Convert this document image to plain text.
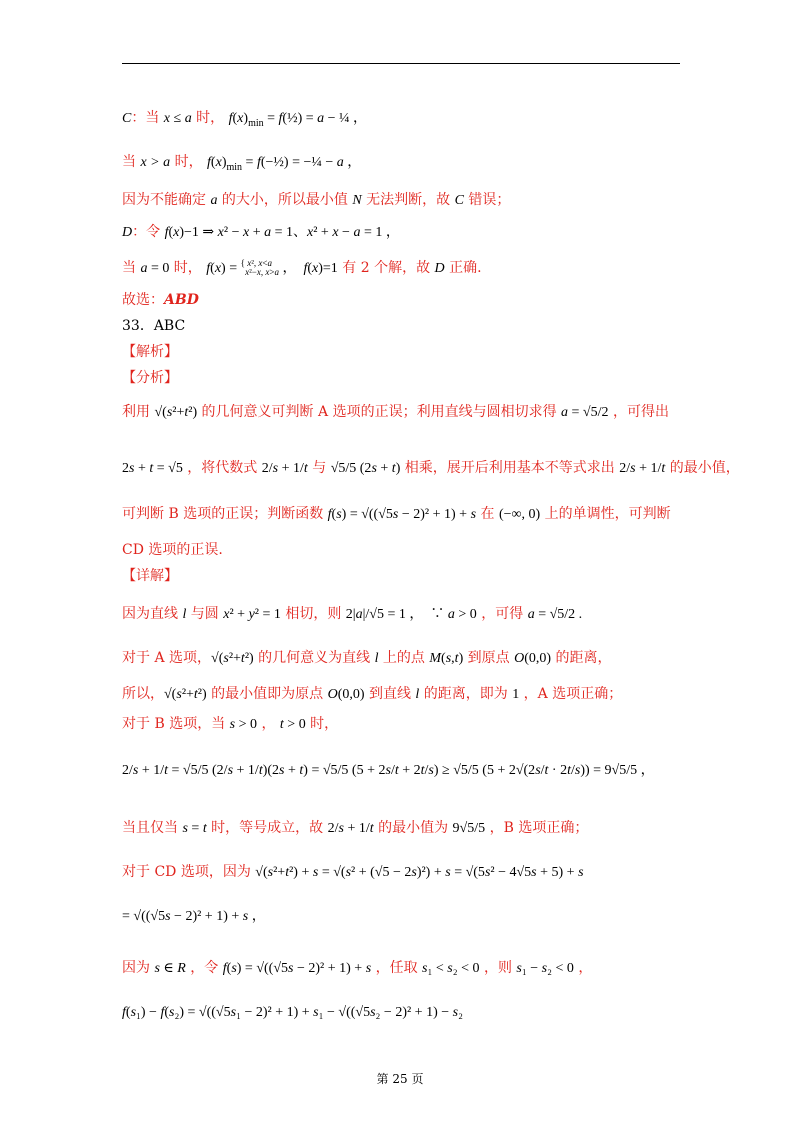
C：当 x ≤ a 时， $f(x)_{min}$ = f(½) = a − ¼ ，
当 x > a 时， $f(x)_{min}$ = f(−½) = −¼ − a ，
因为不能确定 a 的大小，所以最小值 N 无法判断，故 C 错误；
D：令 f(x)−1 ⇒ x² − x + a = 1、x² + x − a = 1 ，
当 a = 0 时， f(x) = { x², x<a
x²−x, x>a ，  f(x)=1 有 2 个解，故 D 正确.
故选：ABD
33．ABC
【解析】
【分析】
利用 √(s²+t²) 的几何意义可判断 A 选项的正误；利用直线与圆相切求得 a = √5/2 ，可得出
2s + t = √5 ，将代数式 2/s + 1/t 与 √5/5 (2s + t) 相乘，展开后利用基本不等式求出 2/s + 1/t 的最小值，
可判断 B 选项的正误；判断函数 f(s) = √((√5s − 2)² + 1) + s 在 (−∞, 0) 上的单调性，可判断
CD 选项的正误.
【详解】
因为直线 l 与圆 x² + y² = 1 相切，则 2|a|/√5 = 1 ，  ∵ a > 0 ，可得 a = √5/2 .
对于 A 选项，√(s²+t²) 的几何意义为直线 l 上的点 M(s,t) 到原点 O(0,0) 的距离，
所以，√(s²+t²) 的最小值即为原点 O(0,0) 到直线 l 的距离，即为 1 ，A 选项正确；
对于 B 选项，当 s > 0 ， t > 0 时，
2/s + 1/t = √5/5 (2/s + 1/t)(2s + t) = √5/5 (5 + 2s/t + 2t/s) ≥ √5/5 (5 + 2√(2s/t · 2t/s)) = 9√5/5 ，
当且仅当 s = t 时，等号成立，故 2/s + 1/t 的最小值为 9√5/5 ，B 选项正确；
对于 CD 选项，因为 √(s²+t²) + s = √(s² + (√5 − 2s)²) + s = √(5s² − 4√5s + 5) + s
= √((√5s − 2)² + 1) + s ，
因为 s ∈ R ，令 f(s) = √((√5s − 2)² + 1) + s ，任取 s₁ < s₂ < 0 ，则 s₁ − s₂ < 0 ，
f(s₁) − f(s₂) = √((√5s₁ − 2)² + 1) + s₁ − √((√5s₂ − 2)² + 1) − s₂
第 25 页
